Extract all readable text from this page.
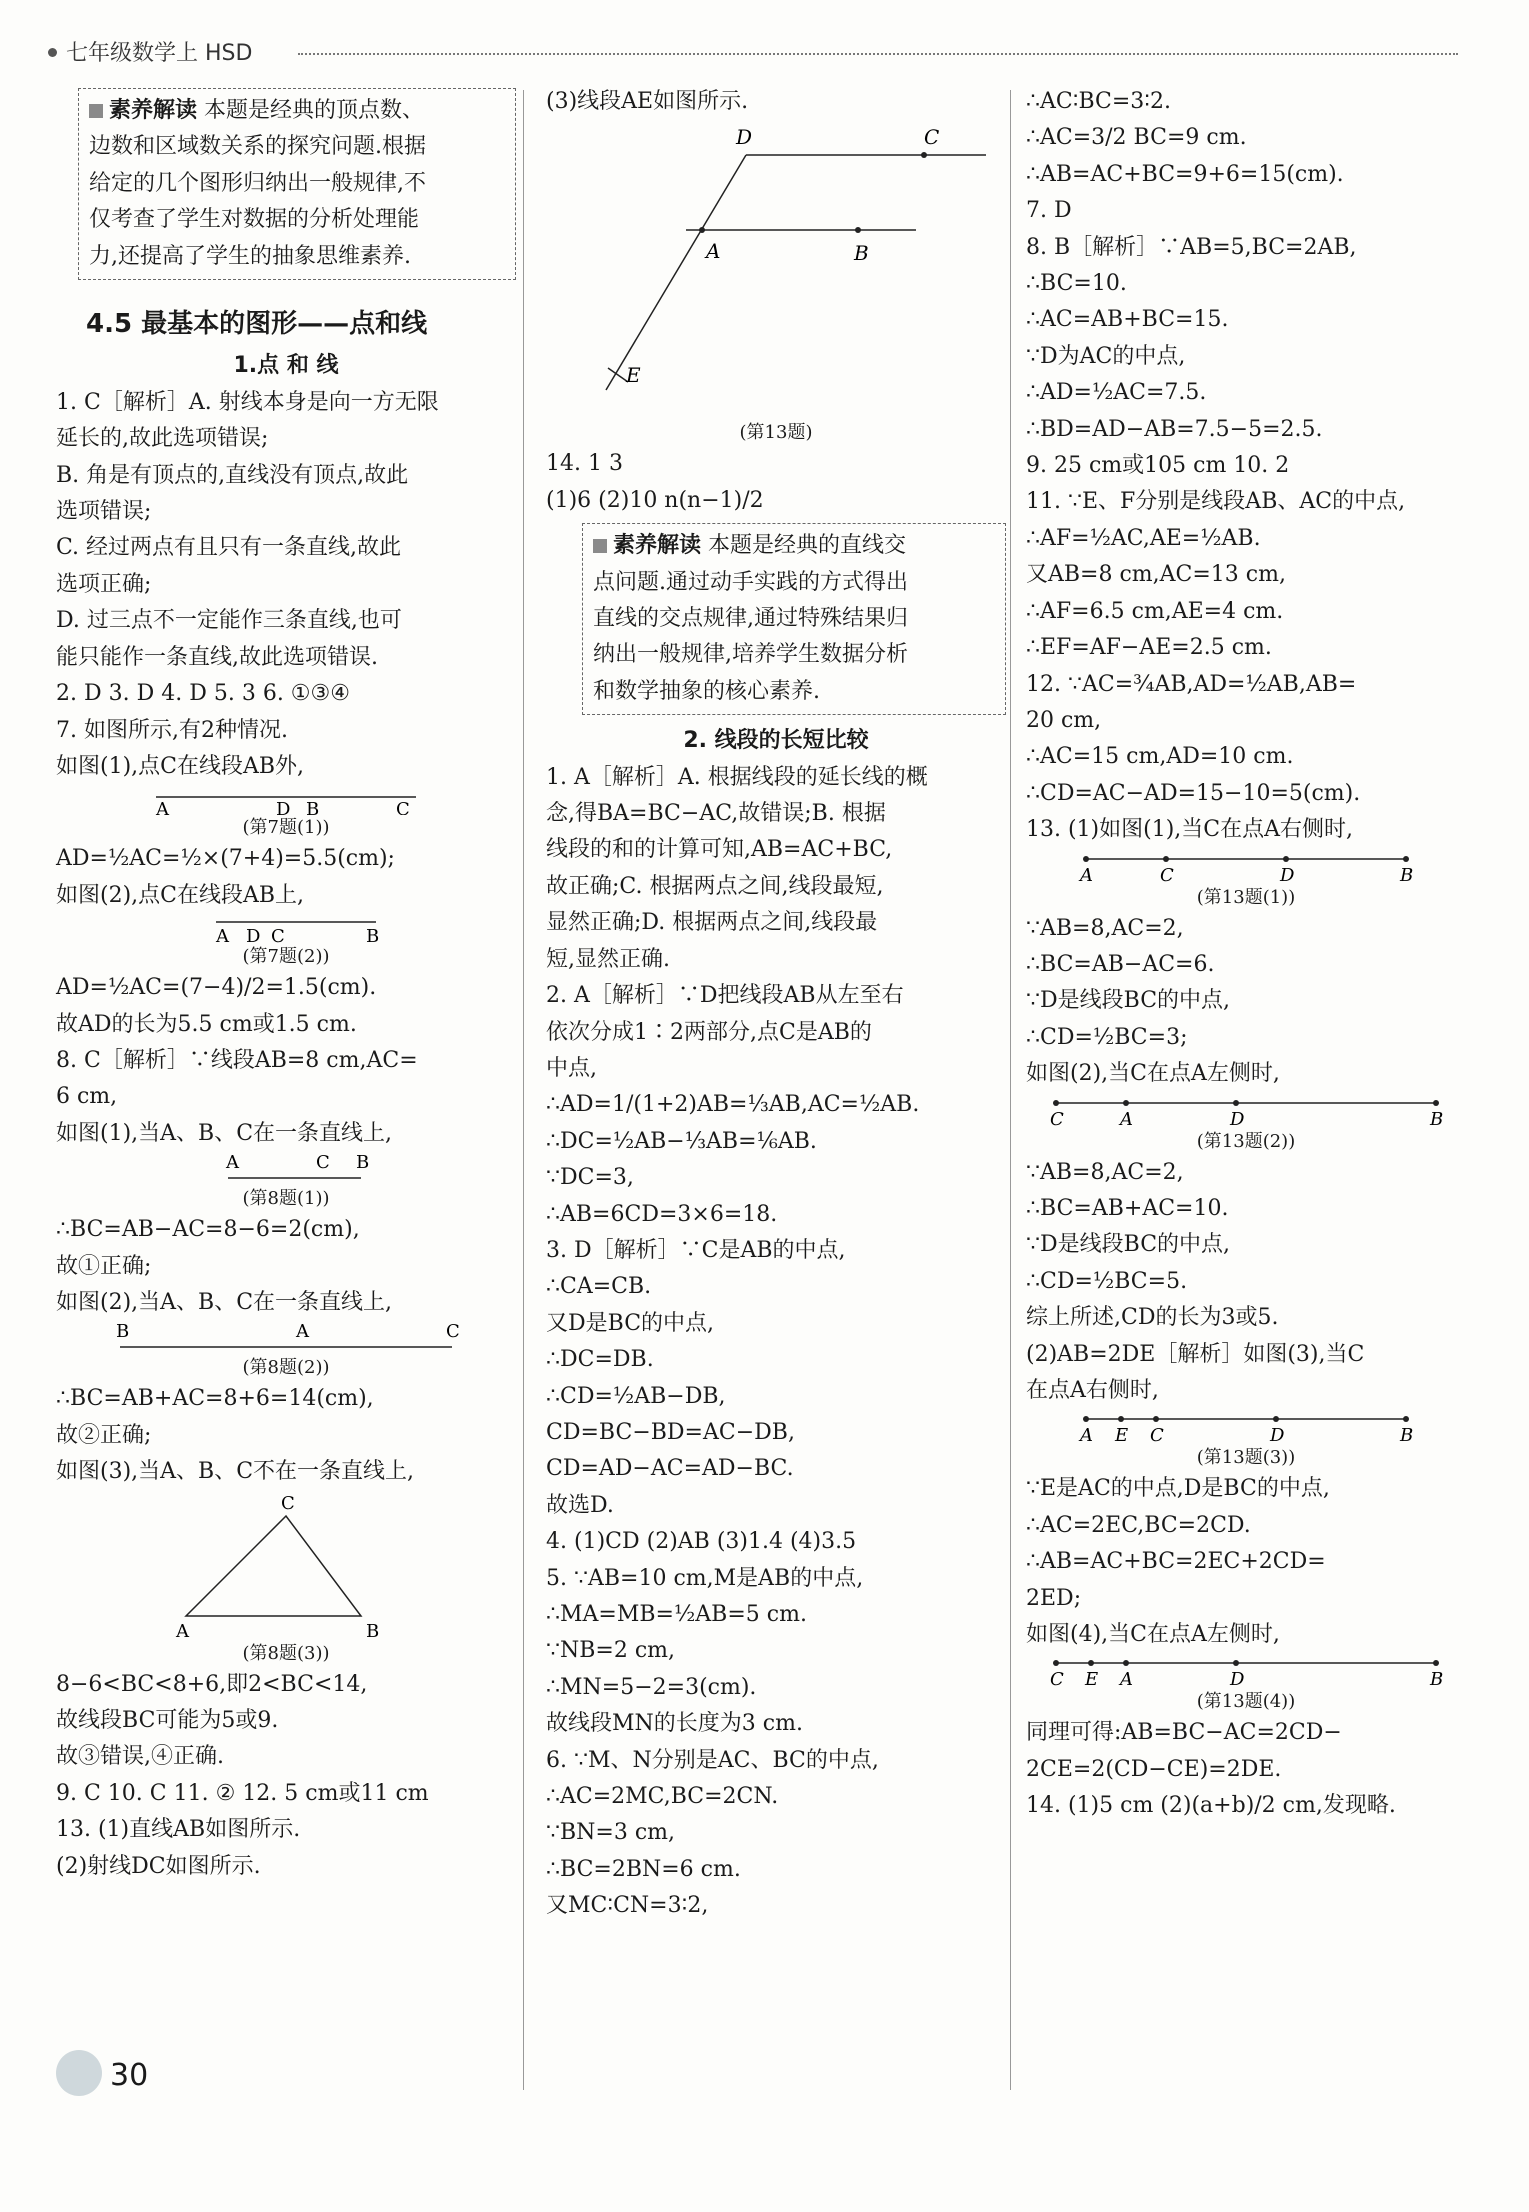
七年级数学上 HSD
素养解读 本题是经典的顶点数、
边数和区域数关系的探究问题.根据
给定的几个图形归纳出一般规律,不
仅考查了学生对数据的分析处理能
力,还提高了学生的抽象思维素养.
4.5 最基本的图形——点和线
1.点 和 线
1. C［解析］A. 射线本身是向一方无限
延长的,故此选项错误;
B. 角是有顶点的,直线没有顶点,故此
选项错误;
C. 经过两点有且只有一条直线,故此
选项正确;
D. 过三点不一定能作三条直线,也可
能只能作一条直线,故此选项错误.
2. D 3. D 4. D 5. 3 6. ①③④
7. 如图所示,有2种情况.
如图(1),点C在线段AB外,
A	D B	C
(第7题(1))
AD=½AC=½×(7+4)=5.5(cm);
如图(2),点C在线段AB上,
A D C	B
(第7题(2))
AD=½AC=(7−4)/2=1.5(cm).
故AD的长为5.5 cm或1.5 cm.
8. C［解析］∵线段AB=8 cm,AC=
6 cm,
如图(1),当A、B、C在一条直线上,
A	C B
(第8题(1))
∴BC=AB−AC=8−6=2(cm),
故①正确;
如图(2),当A、B、C在一条直线上,
B	A	C
(第8题(2))
∴BC=AB+AC=8+6=14(cm),
故②正确;
如图(3),当A、B、C不在一条直线上,
C
A	B
(第8题(3))
8−6<BC<8+6,即2<BC<14,
故线段BC可能为5或9.
故③错误,④正确.
9. C 10. C 11. ② 12. 5 cm或11 cm
13. (1)直线AB如图所示.
(2)射线DC如图所示.
(3)线段AE如图所示.
D	C
A	B
E
(第13题)
14. 1 3
(1)6 (2)10 n(n−1)/2
素养解读 本题是经典的直线交
点问题.通过动手实践的方式得出
直线的交点规律,通过特殊结果归
纳出一般规律,培养学生数据分析
和数学抽象的核心素养.
2. 线段的长短比较
1. A［解析］A. 根据线段的延长线的概
念,得BA=BC−AC,故错误;B. 根据
线段的和的计算可知,AB=AC+BC,
故正确;C. 根据两点之间,线段最短,
显然正确;D. 根据两点之间,线段最
短,显然正确.
2. A［解析］∵D把线段AB从左至右
依次分成1∶2两部分,点C是AB的
中点,
∴AD=1/(1+2)AB=⅓AB,AC=½AB.
∴DC=½AB−⅓AB=⅙AB.
∵DC=3,
∴AB=6CD=3×6=18.
3. D［解析］∵C是AB的中点,
∴CA=CB.
又D是BC的中点,
∴DC=DB.
∴CD=½AB−DB,
CD=BC−BD=AC−DB,
CD=AD−AC=AD−BC.
故选D.
4. (1)CD (2)AB (3)1.4 (4)3.5
5. ∵AB=10 cm,M是AB的中点,
∴MA=MB=½AB=5 cm.
∵NB=2 cm,
∴MN=5−2=3(cm).
故线段MN的长度为3 cm.
6. ∵M、N分别是AC、BC的中点,
∴AC=2MC,BC=2CN.
∵BN=3 cm,
∴BC=2BN=6 cm.
又MC∶CN=3∶2,
∴AC∶BC=3∶2.
∴AC=3/2 BC=9 cm.
∴AB=AC+BC=9+6=15(cm).
7. D
8. B［解析］∵AB=5,BC=2AB,
∴BC=10.
∴AC=AB+BC=15.
∵D为AC的中点,
∴AD=½AC=7.5.
∴BD=AD−AB=7.5−5=2.5.
9. 25 cm或105 cm 10. 2
11. ∵E、F分别是线段AB、AC的中点,
∴AF=½AC,AE=½AB.
又AB=8 cm,AC=13 cm,
∴AF=6.5 cm,AE=4 cm.
∴EF=AF−AE=2.5 cm.
12. ∵AC=¾AB,AD=½AB,AB=
20 cm,
∴AC=15 cm,AD=10 cm.
∴CD=AC−AD=15−10=5(cm).
13. (1)如图(1),当C在点A右侧时,
A	C	D	B
(第13题(1))
∵AB=8,AC=2,
∴BC=AB−AC=6.
∵D是线段BC的中点,
∴CD=½BC=3;
如图(2),当C在点A左侧时,
C	A	D	B
(第13题(2))
∵AB=8,AC=2,
∴BC=AB+AC=10.
∵D是线段BC的中点,
∴CD=½BC=5.
综上所述,CD的长为3或5.
(2)AB=2DE［解析］如图(3),当C
在点A右侧时,
A E C	D	B
(第13题(3))
∵E是AC的中点,D是BC的中点,
∴AC=2EC,BC=2CD.
∴AB=AC+BC=2EC+2CD=
2ED;
如图(4),当C在点A左侧时,
C E A	D	B
(第13题(4))
同理可得:AB=BC−AC=2CD−
2CE=2(CD−CE)=2DE.
14. (1)5 cm (2)(a+b)/2 cm,发现略.
30
